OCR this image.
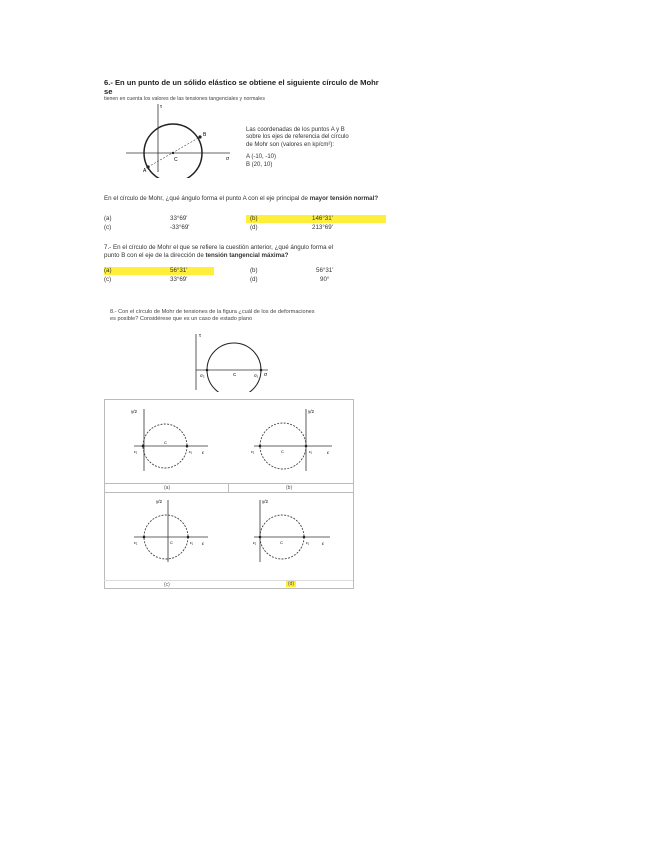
6.- En un punto de un sólido elástico se obtiene el siguiente círculo de Mohr se
tienen en cuenta los valores de las tensiones tangenciales y normales
τ
σ
A
B
C
Las coordenadas de los puntos A y B
sobre los ejes de referencia del círculo
de Mohr son (valores en kp/cm²):
A (-10, -10)
B (20, 10)
En el círculo de Mohr, ¿qué ángulo forma el punto A con el eje principal de mayor tensión normal?
(a)	33°69'	(b)	146°31'
(c)	-33°69'	(d)	213°69'
7.- En el círculo de Mohr el que se refiere la cuestión anterior, ¿qué ángulo forma el
punto B con el eje de la dirección de tensión tangencial máxima?
(a)	56°31'	(b)	56°31'
(c)	33°69'	(d)	90°
8.- Con el círculo de Mohr de tensiones de la figura ¿cuál de los de deformaciones
es posible? Considérese que es un caso de estado plano
τ
σ
σ₂	σ₁
C
γ/2
ε
ε₂	ε₁
C
γ/2
ε
ε₂	ε₁
C
(a)	(b)
γ/2
ε
ε₂	ε₁
C
γ/2
ε
ε₂	ε₁
C
(c)	(d)
